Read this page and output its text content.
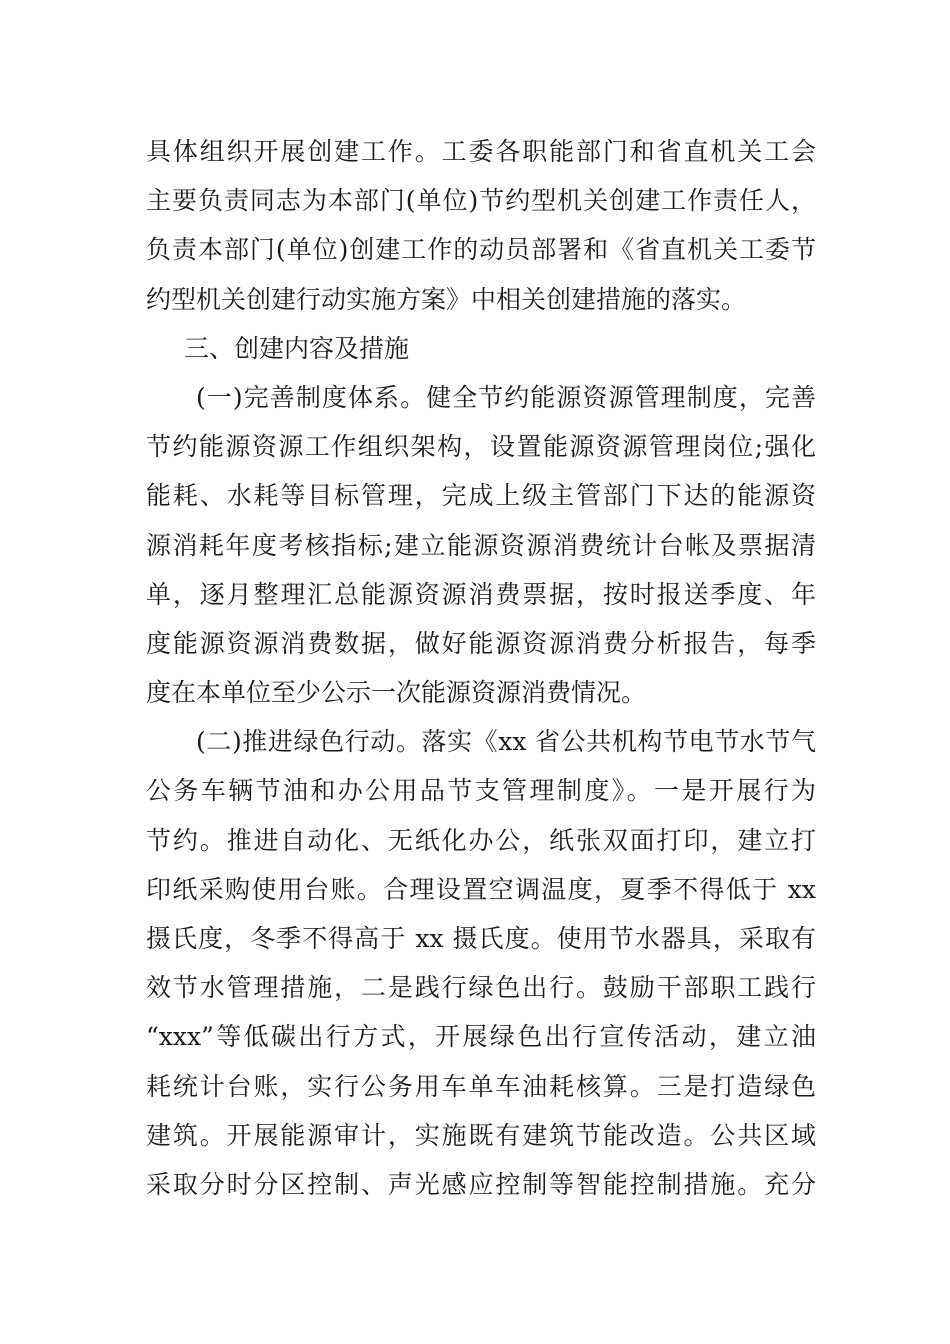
具体组织开展创建工作。工委各职能部门和省直机关工会
主要负责同志为本部门(单位)节约型机关创建工作责任人，
负责本部门(单位)创建工作的动员部署和《省直机关工委节
约型机关创建行动实施方案》中相关创建措施的落实。
三、创建内容及措施
(一)完善制度体系。健全节约能源资源管理制度，完善
节约能源资源工作组织架构，设置能源资源管理岗位;强化
能耗、水耗等目标管理，完成上级主管部门下达的能源资
源消耗年度考核指标;建立能源资源消费统计台帐及票据清
单，逐月整理汇总能源资源消费票据，按时报送季度、年
度能源资源消费数据，做好能源资源消费分析报告，每季
度在本单位至少公示一次能源资源消费情况。
(二)推进绿色行动。落实《xx 省公共机构节电节水节气
公务车辆节油和办公用品节支管理制度》。一是开展行为
节约。推进自动化、无纸化办公，纸张双面打印，建立打
印纸采购使用台账。合理设置空调温度，夏季不得低于 xx
摄氏度，冬季不得高于 xx 摄氏度。使用节水器具，采取有
效节水管理措施，二是践行绿色出行。鼓励干部职工践行
“xxx”等低碳出行方式，开展绿色出行宣传活动，建立油
耗统计台账，实行公务用车单车油耗核算。三是打造绿色
建筑。开展能源审计，实施既有建筑节能改造。公共区域
采取分时分区控制、声光感应控制等智能控制措施。充分
